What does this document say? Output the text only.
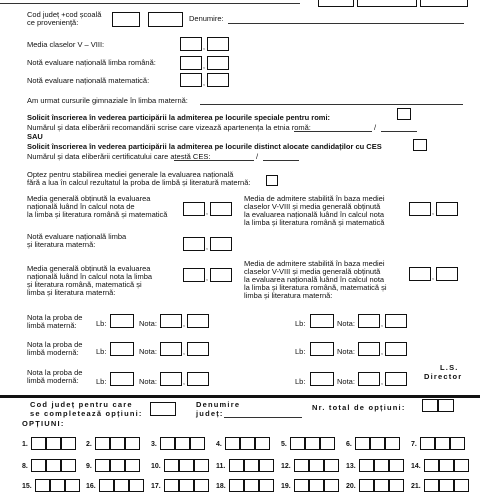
Cod județ +cod școală
ce provenienţă:	Denumire:
Media claselor V – VIII:	,
Notă evaluare națională limba română:	,
Notă evaluare națională matematică:	,
Am urmat cursurile gimnaziale în limba maternă:
Solicit înscrierea în vederea participării la admiterea pe locurile speciale pentru romi:
Numărul și data eliberării recomandării scrise care vizează apartenența la etnia romă:	/
SAU
Solicit înscrierea în vederea participării la admiterea pe locurile distinct alocate candidaților cu CES
Numărul și data eliberării certificatului care atestă CES:	/
Optez pentru stabilirea mediei generale la evaluarea națională
fără a lua în calcul rezultatul la proba de limbă și literatură maternă:
Media generală obținută la evaluarea
națională luând în calcul nota de
la limba și literatura română și matematică	,
Media de admitere stabilită în baza mediei
claselor V-VIII și media generală obținută
la evaluarea națională luând în calcul nota
la limba și literatura română și matematică
,
Notă evaluare națională limba
și literatura maternă:	,
Media generală obținută la evaluarea
națională luând în calcul nota la limba
și literatura română, matematică și
limba și literatura maternă:
,
Media de admitere stabilită în baza mediei
claselor V-VIII și media generală obținută
la evaluarea națională luând în calcul nota
la limba și literatura română, matematică și
limba și literatura maternă:
,
Nota la proba de
limbă maternă:	Lb:	Nota:	,	Lb:	Nota:	,
Nota la proba de
limbă modernă: Lb:	Nota:	,	Lb:	Nota:	,
Nota la proba de
limbă modernă: Lb:	Nota:	,	Lb:	Nota:	,
L.S.
Director
Cod județ pentru care
se completează opțiuni:
Denumire
județ:
Nr. total de opțiuni:
OPȚIUNI:
1.	2.	3.	4.	5.	6.	7.
8.	9.	10.	11.	12.	13.	14.
15.	16.	17.	18.	19.	20.	21.
